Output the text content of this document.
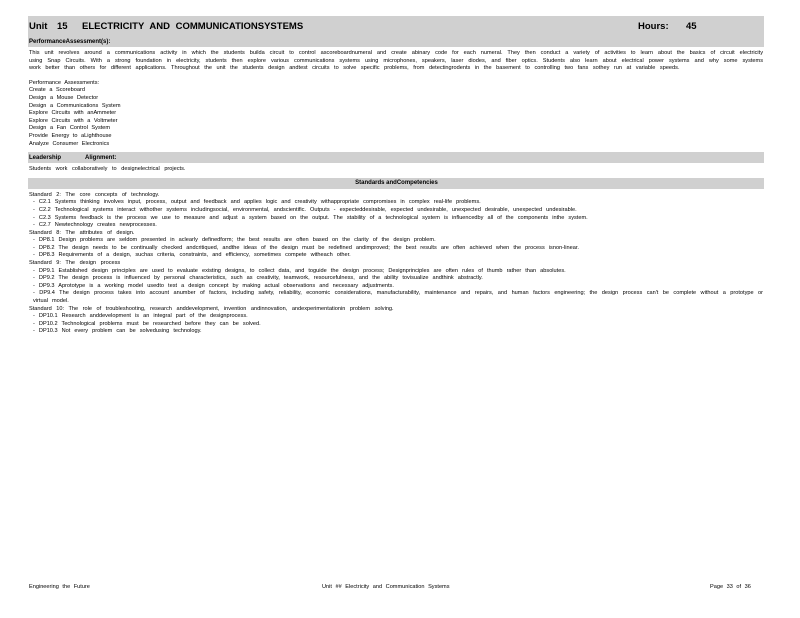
Unit 15 ELECTRICITY AND COMMUNICATIONSYSTEMS	Hours: 45
PerformanceAssessment(s):
This unit revolves around a communications activity in which the students builda circuit to control ascoreboardnumeral and create abinary code for each numeral. They then conduct a variety of activities to learn about the basics of circuit electricity using Snap Circuits. With a strong foundation in electricity, students then explore various communications systems using microphones, speakers, laser diodes, and fiber optics. Students also learn about electrical power systems and why some systems work better than others for different applications. Throughout the unit the students design andtest circuits to solve specific problems, from detectingrodents in the basement to controlling two fans sothey run at variable speeds.
Performance Assessments:
Create a Scoreboard
Design a Mouse Detector
Design a Communications System
Explore Circuits with anAmmeter
Explore Circuits with a Voltmeter
Design a Fan Control System
Provide Energy to aLighthouse
Analyze Consumer Electronics
Leadership	Alignment:
Students work collaboratively to designelectrical projects.
Standards andCompetencies
Standard 2: The core concepts of technology.
- C2.1 Systems thinking involves input, process, output and feedback and applies logic and creativity withappropriate compromises in complex real-life problems.
- C2.2 Technological systems interact withother systems includingsocial, environmental, andscientific. Outputs - expecteddesirable, expected undesirable, unexpected desirable, unexpected undesirable.
- C2.3 Systems feedback is the process we use to measure and adjust a system based on the output. The stability of a technological system is influencedby all of the components inthe system.
- C2.7 Newtechnology creates newprocesses.
Standard 8: The attributes of design.
- DP8.1 Design problems are seldom presented in aclearly definedform; the best results are often based on the clarity of the design problem.
- DP8.2 The design needs to be continually checked andcritiqued, andthe ideas of the design must be redefined andimproved; the best results are often achieved when the process isnon-linear.
- DP8.3 Requirements of a design, suchas criteria, constraints, and efficiency, sometimes compete witheach other.
Standard 9: The design process
- DP9.1 Established design principles are used to evaluate existing designs, to collect data, and toguide the design process; Designprinciples are often rules of thumb rather than absolutes.
- DP9.2 The design process is influenced by personal characteristics, such as creativity, teamwork, resourcefulness, and the ability tovisualize andthink abstractly.
- DP9.3 Aprototype is a working model usedto test a design concept by making actual observations and necessary adjustments.
- DP9.4 The design process takes into account anumber of factors, including safety, reliability, economic considerations, manufacturability, maintenance and repairs, and human factors engineering; the design process can't be complete without a prototype or virtual model.
Standard 10: The role of troubleshooting, research anddevelopment, invention andinnovation, andexperimentationin problem solving.
- DP10.1 Research anddevelopment is an integral part of the designprocess.
- DP10.2 Technological problems must be researched before they can be solved.
- DP10.3 Not every problem can be solvedusing technology.
Engineering the Future	Unit ## Electricity and Communication Systems	Page 33 of 36
